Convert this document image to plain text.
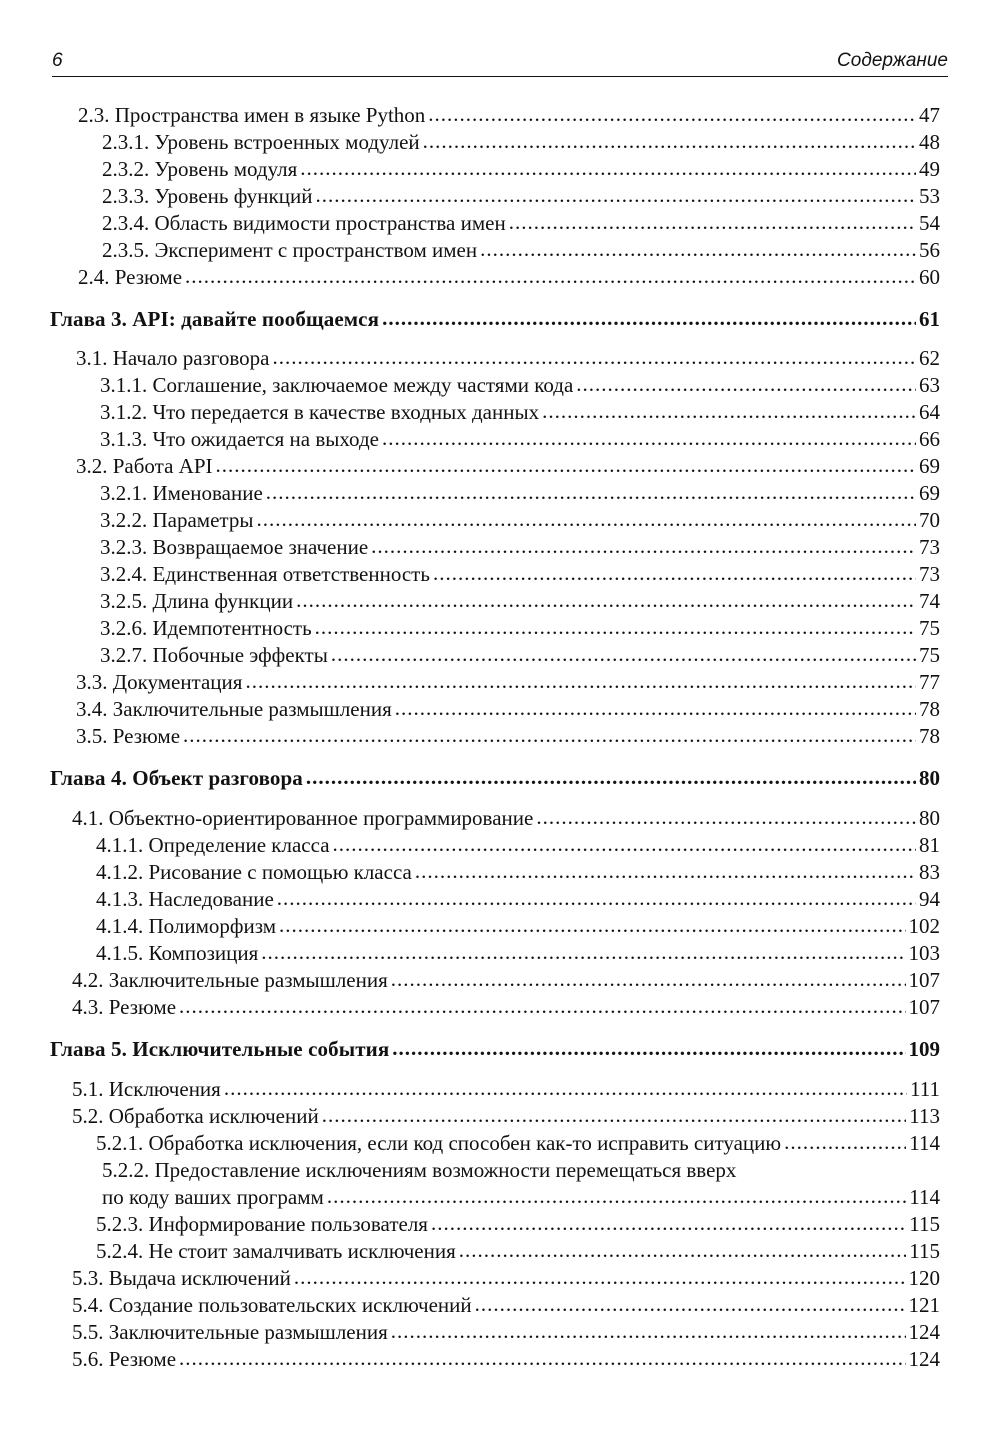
6	Содержание
2.3. Пространства имен в языке Python .....	47
2.3.1. Уровень встроенных модулей .....	48
2.3.2. Уровень модуля .....	49
2.3.3. Уровень функций .....	53
2.3.4. Область видимости пространства имен .....	54
2.3.5. Эксперимент с пространством имен .....	56
2.4. Резюме .....	60
Глава 3. API: давайте пообщаемся .....	61
3.1. Начало разговора .....	62
3.1.1. Соглашение, заключаемое между частями кода .....	63
3.1.2. Что передается в качестве входных данных .....	64
3.1.3. Что ожидается на выходе .....	66
3.2. Работа API .....	69
3.2.1. Именование .....	69
3.2.2. Параметры .....	70
3.2.3. Возвращаемое значение .....	73
3.2.4. Единственная ответственность .....	73
3.2.5. Длина функции .....	74
3.2.6. Идемпотентность .....	75
3.2.7. Побочные эффекты .....	75
3.3. Документация .....	77
3.4. Заключительные размышления .....	78
3.5. Резюме .....	78
Глава 4. Объект разговора .....	80
4.1. Объектно-ориентированное программирование .....	80
4.1.1. Определение класса .....	81
4.1.2. Рисование с помощью класса .....	83
4.1.3. Наследование .....	94
4.1.4. Полиморфизм .....	102
4.1.5. Композиция .....	103
4.2. Заключительные размышления .....	107
4.3. Резюме .....	107
Глава 5. Исключительные события .....	109
5.1. Исключения .....	111
5.2. Обработка исключений .....	113
5.2.1. Обработка исключения, если код способен как-то исправить ситуацию .....	114
5.2.2. Предоставление исключениям возможности перемещаться вверх
по коду ваших программ .....	114
5.2.3. Информирование пользователя .....	115
5.2.4. Не стоит замалчивать исключения .....	115
5.3. Выдача исключений .....	120
5.4. Создание пользовательских исключений .....	121
5.5. Заключительные размышления .....	124
5.6. Резюме .....	124
